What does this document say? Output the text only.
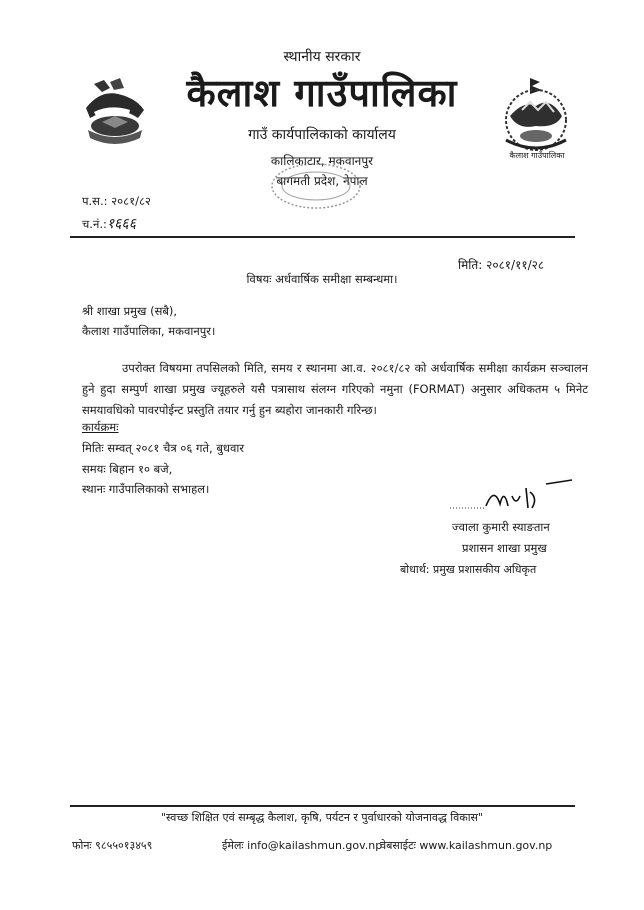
कैलाश गाउँपालिका
स्थानीय सरकार
कैलाश गाउँपालिका
गाउँ कार्यपालिकाको कार्यालय
कालिकाटार, मकवानपुर
बागमती प्रदेश, नेपाल
प.स.: २०८१/८२
च.नं.:१६६६
मिति: २०८१/११/२८
विषयः अर्धवार्षिक समीक्षा सम्बन्धमा।
श्री शाखा प्रमुख (सबै),
कैलाश गाउँपालिका, मकवानपुर।
उपरोक्त विषयमा तपसिलको मिति, समय र स्थानमा आ.व. २०८१/८२ को अर्धवार्षिक समीक्षा कार्यक्रम सञ्चालन हुने हुदा सम्पुर्ण शाखा प्रमुख ज्यूहरुले यसै पत्रासाथ संलग्न गरिएको नमुना (FORMAT) अनुसार अधिकतम ५ मिनेट समयावधिको पावरपोईन्ट प्रस्तुति तयार गर्नु हुन ब्यहोरा जानकारी गरिन्छ।
कार्यक्रमः
मितिः सम्वत् २०८१ चैत्र ०६ गते, बुधवार
समयः बिहान १० बजे,
स्थानः गाउँपालिकाको सभाहल।
ज्वाला कुमारी स्याङतान
प्रशासन शाखा प्रमुख
बोधार्थ: प्रमुख प्रशासकीय अधिकृत
"स्वच्छ शिक्षित एवं सम्बृद्ध कैलाश, कृषि, पर्यटन र पुर्वाधारको योजनावद्ध विकास"
फोनः ९८५५०१३४५९	ईमेलः info@kailashmun.gov.np
वेबसाईटः www.kailashmun.gov.np
